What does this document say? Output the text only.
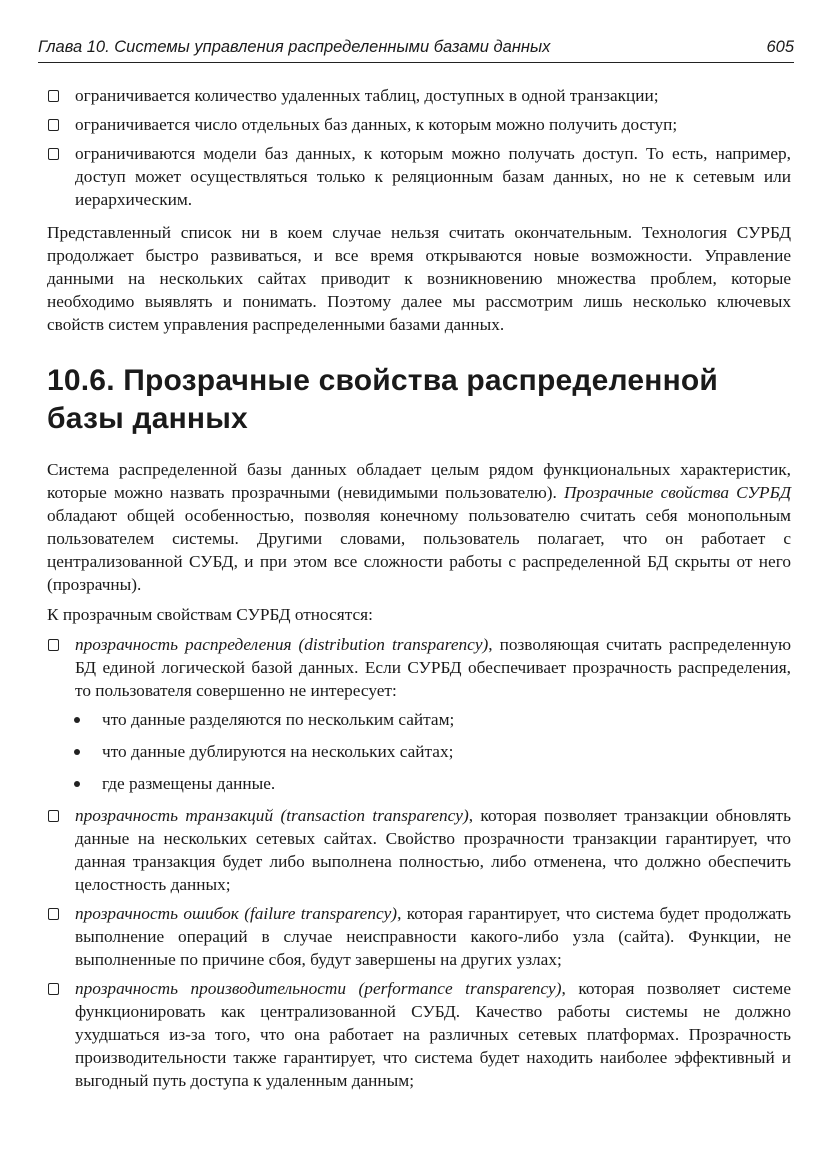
Глава 10. Системы управления распределенными базами данных	605
ограничивается количество удаленных таблиц, доступных в одной транзакции;
ограничивается число отдельных баз данных, к которым можно получить доступ;
ограничиваются модели баз данных, к которым можно получать доступ. То есть, например, доступ может осуществляться только к реляционным базам данных, но не к сетевым или иерархическим.

Представленный список ни в коем случае нельзя считать окончательным. Технология СУРБД продолжает быстро развиваться, и все время открываются новые возможности. Управление данными на нескольких сайтах приводит к возникновению множества проблем, которые необходимо выявлять и понимать. Поэтому далее мы рассмотрим лишь несколько ключевых свойств систем управления распределенными базами данных.

10.6. Прозрачные свойства распределенной базы данных

Система распределенной базы данных обладает целым рядом функциональных характеристик, которые можно назвать прозрачными (невидимыми пользователю). Прозрачные свойства СУРБД обладают общей особенностью, позволяя конечному пользователю считать себя монопольным пользователем системы. Другими словами, пользователь полагает, что он работает с централизованной СУБД, и при этом все сложности работы с распределенной БД скрыты от него (прозрачны).

К прозрачным свойствам СУРБД относятся:

прозрачность распределения (distribution transparency), позволяющая считать распределенную БД единой логической базой данных. Если СУРБД обеспечивает прозрачность распределения, то пользователя совершенно не интересует:
что данные разделяются по нескольким сайтам;
что данные дублируются на нескольких сайтах;
где размещены данные.
прозрачность транзакций (transaction transparency), которая позволяет транзакции обновлять данные на нескольких сетевых сайтах. Свойство прозрачности транзакции гарантирует, что данная транзакция будет либо выполнена полностью, либо отменена, что должно обеспечить целостность данных;
прозрачность ошибок (failure transparency), которая гарантирует, что система будет продолжать выполнение операций в случае неисправности какого-либо узла (сайта). Функции, не выполненные по причине сбоя, будут завершены на других узлах;
прозрачность производительности (performance transparency), которая позволяет системе функционировать как централизованной СУБД. Качество работы системы не должно ухудшаться из-за того, что она работает на различных сетевых платформах. Прозрачность производительности также гарантирует, что система будет находить наиболее эффективный и выгодный путь доступа к удаленным данным;
